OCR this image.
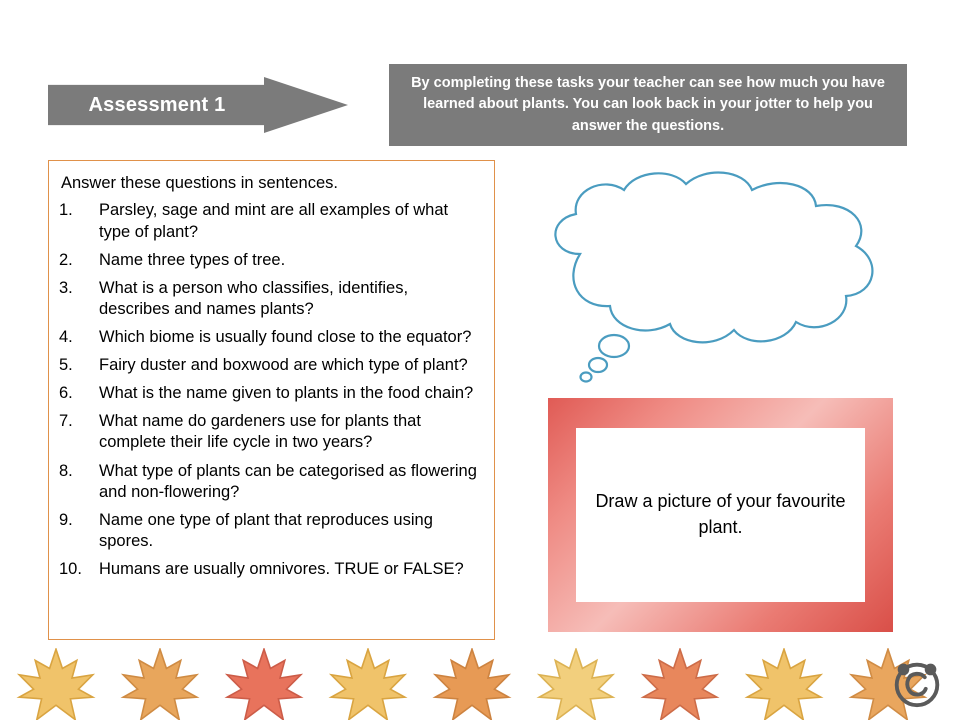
Assessment 1
By completing these tasks your teacher can see how much you have learned about plants. You can look back in your jotter to help you answer the questions.
Answer these questions in sentences.
1.	Parsley, sage and mint are all examples of what type of plant?
2.	Name three types of tree.
3.	What is a person who classifies, identifies, describes and names plants?
4.	Which biome is usually found close to the equator?
5.	Fairy duster and boxwood are which type of plant?
6.	What is the name given to plants in the food chain?
7.	What name do gardeners use for plants that complete their life cycle in two years?
8.	What type of plants can be categorised as flowering and non-flowering?
9.	Name one type of plant that reproduces using spores.
10.	Humans are usually omnivores. TRUE or FALSE?
Write a paragraph explaining why you would or would not like to be a botanist.
Draw a picture of your favourite plant.
